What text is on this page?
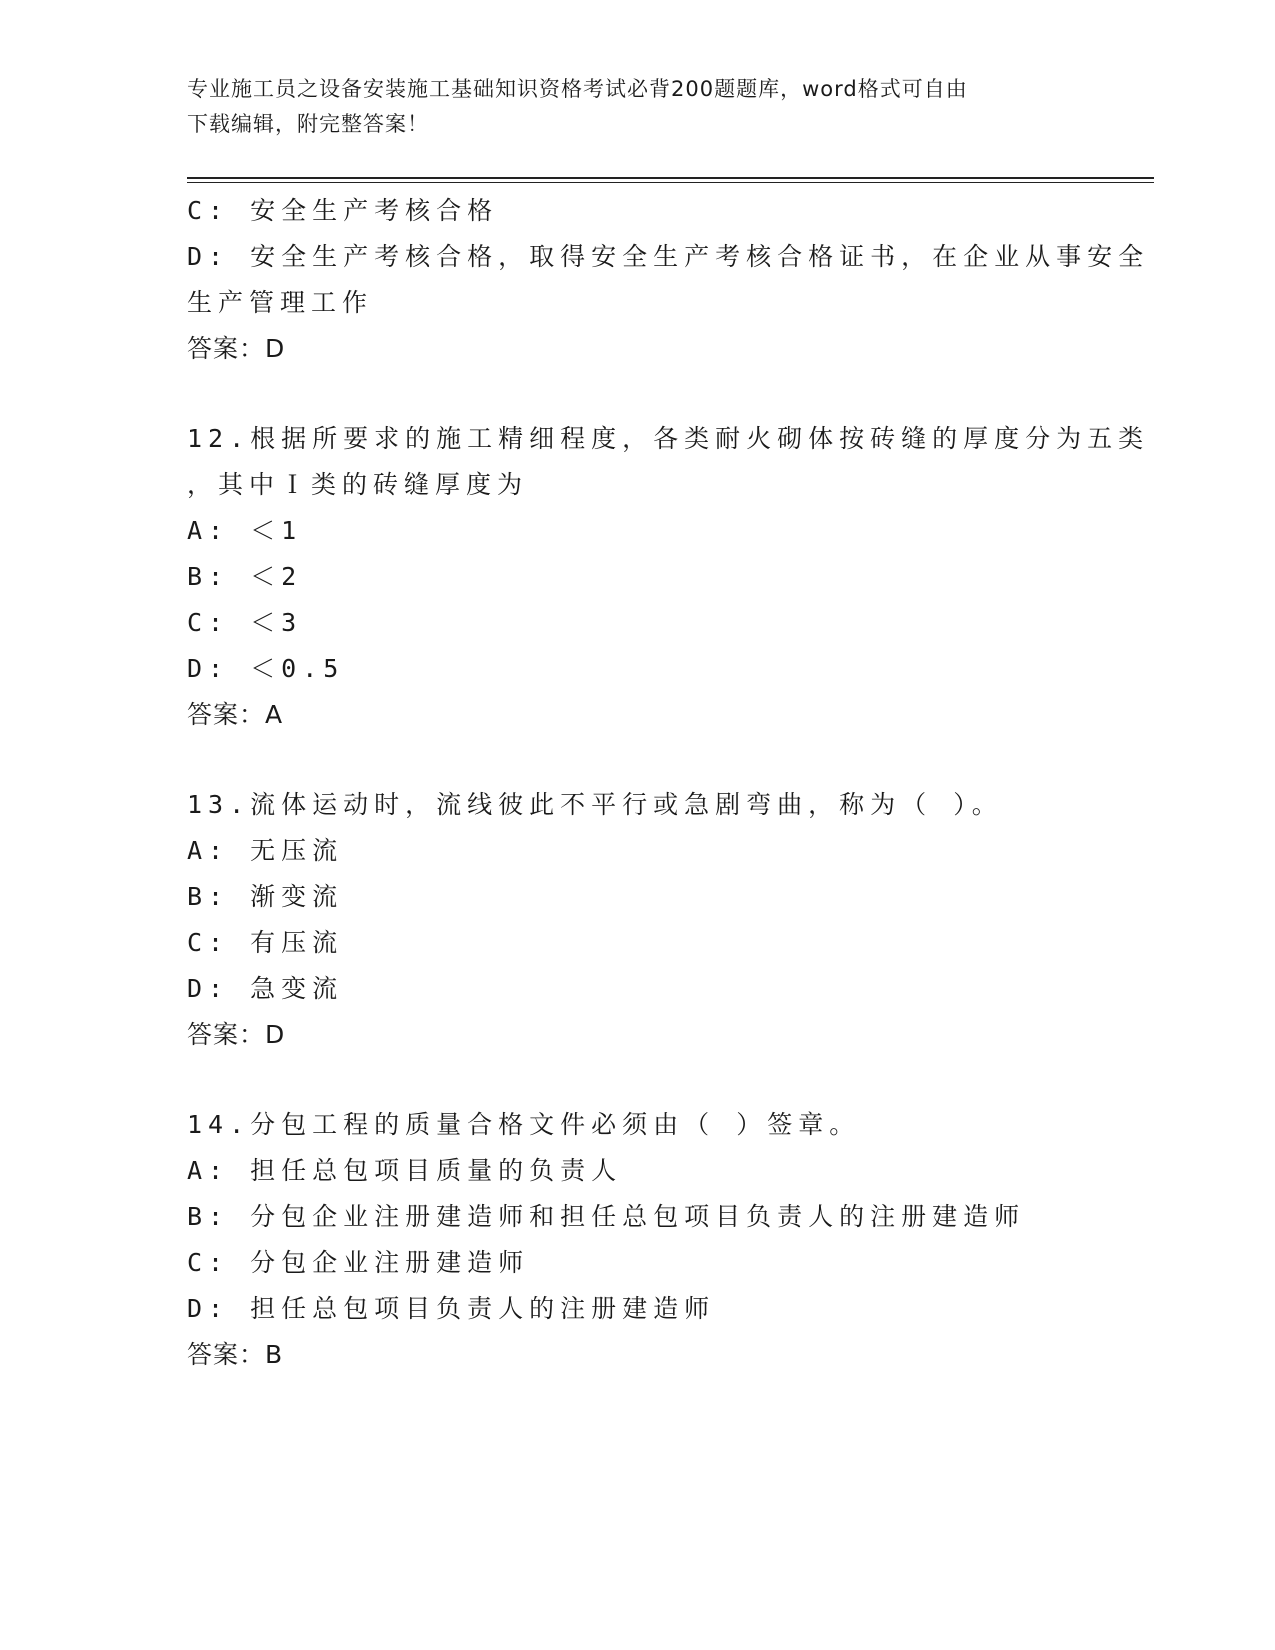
专业施工员之设备安装施工基础知识资格考试必背200题题库，word格式可自由
下载编辑，附完整答案！
C: 安全生产考核合格
D: 安全生产考核合格，取得安全生产考核合格证书，在企业从事安全
生产管理工作
答案：D
12.根据所要求的施工精细程度，各类耐火砌体按砖缝的厚度分为五类
，其中Ｉ类的砖缝厚度为
A: ＜1
B: ＜2
C: ＜3
D: ＜0.5
答案：A
13.流体运动时，流线彼此不平行或急剧弯曲，称为（ ）。
A: 无压流
B: 渐变流
C: 有压流
D: 急变流
答案：D
14.分包工程的质量合格文件必须由（ ）签章。
A: 担任总包项目质量的负责人
B: 分包企业注册建造师和担任总包项目负责人的注册建造师
C: 分包企业注册建造师
D: 担任总包项目负责人的注册建造师
答案：B
